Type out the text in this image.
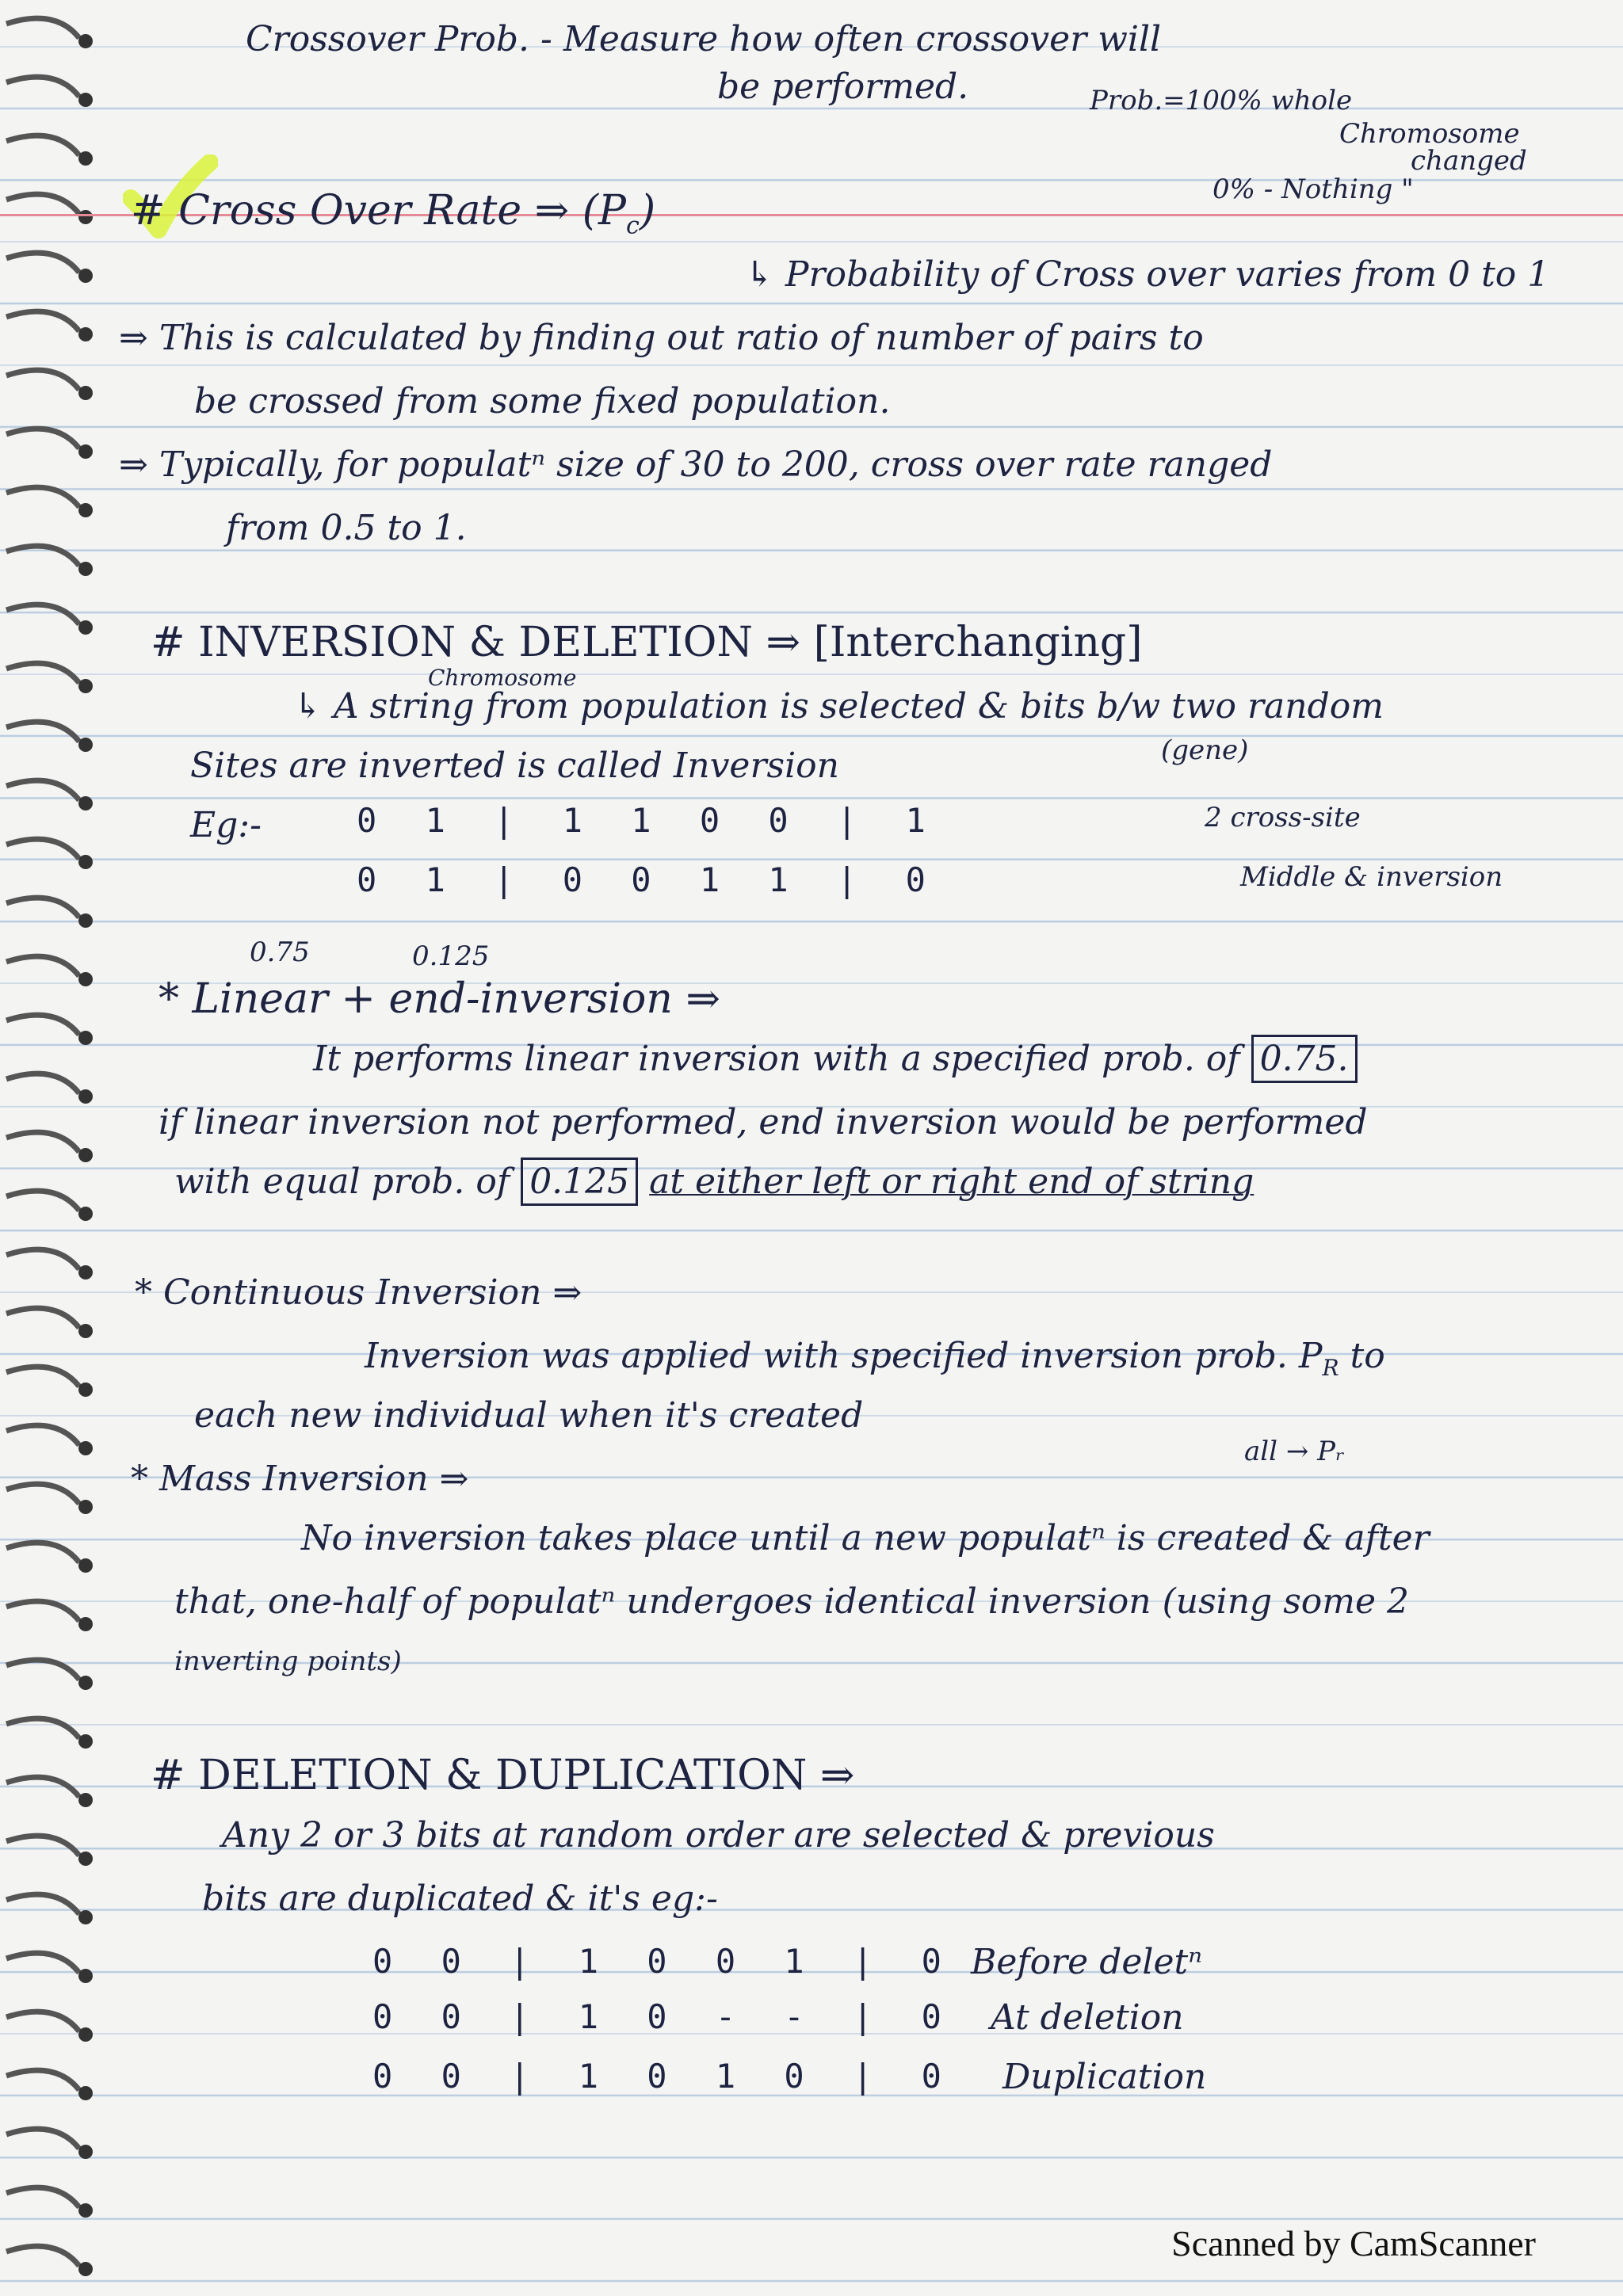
Crossover Prob. - Measure how often crossover will
be performed.	Prob.=100% whole
Chromosome
changed
0% - Nothing "
# Cross Over Rate ⇒ $(P_c)$
↳ Probability of Cross over varies from 0 to 1
⇒ This is calculated by finding out ratio of number of pairs to
be crossed from some fixed population.
⇒ Typically, for populatⁿ size of 30 to 200, cross over rate ranged
from 0.5 to 1.
# INVERSION & DELETION ⇒ [Interchanging]
Chromosome
↳ A string from population is selected & bits b/w two random
Sites are inverted is called Inversion	(gene)
Eg:-	0 1 | 1 1 0 0 | 1
0 1 | 0 0 1 1 | 0
2 cross-site
Middle & inversion
0.75	0.125
* Linear + end-inversion ⇒
It performs linear inversion with a specified prob. of 0.75.
if linear inversion not performed, end inversion would be performed
with equal prob. of 0.125 at either left or right end of string
* Continuous Inversion ⇒
Inversion was applied with specified inversion prob. $P_R$ to
each new individual when it's created
all → Pᵣ
* Mass Inversion ⇒
No inversion takes place until a new populatⁿ is created & after
that, one-half of populatⁿ undergoes identical inversion (using some 2
inverting points)
# DELETION & DUPLICATION ⇒
Any 2 or 3 bits at random order are selected & previous
bits are duplicated & it's eg:-
0 0 | 1 0 0 1 | 0 Before deletⁿ
0 0 | 1 0 - - | 0 At deletion
0 0 | 1 0 1 0 | 0 Duplication
Scanned by CamScanner
